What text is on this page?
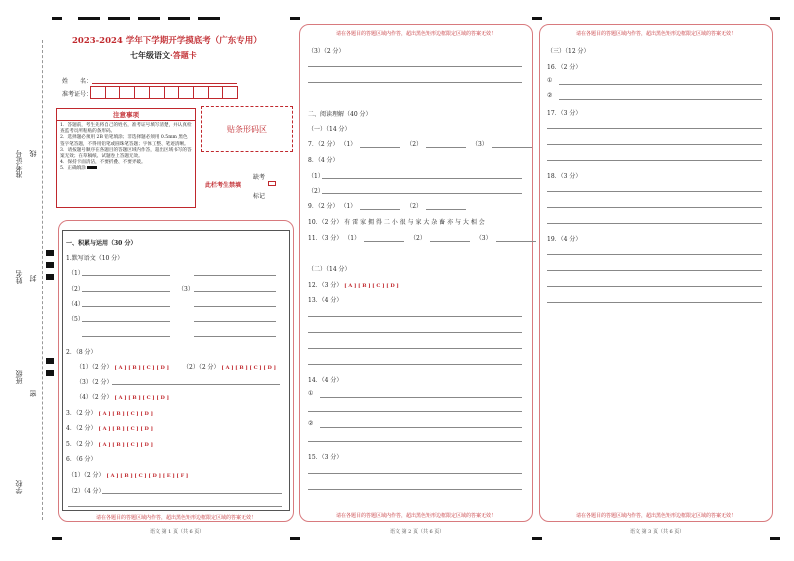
准考证号 线
姓名 封
班级
密
学校
2023-2024 学年下学期开学摸底考（广东专用）
七年级语文·答题卡
姓　　名：
准考证号：
注意事项
1．答题前，考生先将自己的姓名，准考证号填写清楚，并认真检查监考员所粘贴的条形码。
2．选择题必须用 2B 铅笔填涂；非选择题必须用 0.5mm 黑色签字笔答题，不得用铅笔或圆珠笔答题；字体工整、笔迹清晰。
3．请按题号顺序在各题目的答题区域内作答，超出区域书写的答案无效；在草稿纸、试题卷上答题无效。
4．保持卡面清洁，不要折叠、不要弄破。
5．正确填涂
贴条形码区
此栏考生禁填
缺考
标记
一、积累与运用（30 分）
1.默写语文（10 分）
（1）
（2）	（3）
（4）
（5）
2．（8 分）
（1）（2 分） [ A ] [ B ] [ C ] [ D ] （2）（2 分） [ A ] [ B ] [ C ] [ D ]
（3）（2 分）
（4）（2 分） [ A ] [ B ] [ C ] [ D ]
3．（2 分） [ A ] [ B ] [ C ] [ D ]
4．（2 分） [ A ] [ B ] [ C ] [ D ]
5．（2 分） [ A ] [ B ] [ C ] [ D ]
6．（6 分）
（1）（2 分） [ A ] [ B ] [ C ] [ D ] [ E ] [ F ]
（2）（4 分）
请在各题目的答题区域内作答，超出黑色矩形边框限定区域的答案无效！
语文 第 1 页（共 6 页）
请在各题目的答题区域内作答，超出黑色矩形边框限定区域的答案无效！
请在各题目的答题区域内作答，超出黑色矩形边框限定区域的答案无效！
（3）（2 分）
二、阅读理解（40 分）
（一）（14 分）
7．（2 分） （1）	（2）	（3）
8．（4 分）
（1）
（2）
9．（2 分） （1）	（2）
10．（2 分） 有 雷 家 拥 得 二 小 很 与 家 大 杂 畜 亦 与 大 相 会
11．（3 分） （1）	（2）	（3）
（二）（14 分）
12．（3 分） [ A ] [ B ] [ C ] [ D ]
13．（4 分）
14．（4 分）
①
②
15．（3 分）
语文 第 2 页（共 6 页）
请在各题目的答题区域内作答，超出黑色矩形边框限定区域的答案无效！
请在各题目的答题区域内作答，超出黑色矩形边框限定区域的答案无效！
（三）（12 分）
16．（2 分）
①
②
17．（3 分）
18．（3 分）
19．（4 分）
语文 第 3 页（共 6 页）
